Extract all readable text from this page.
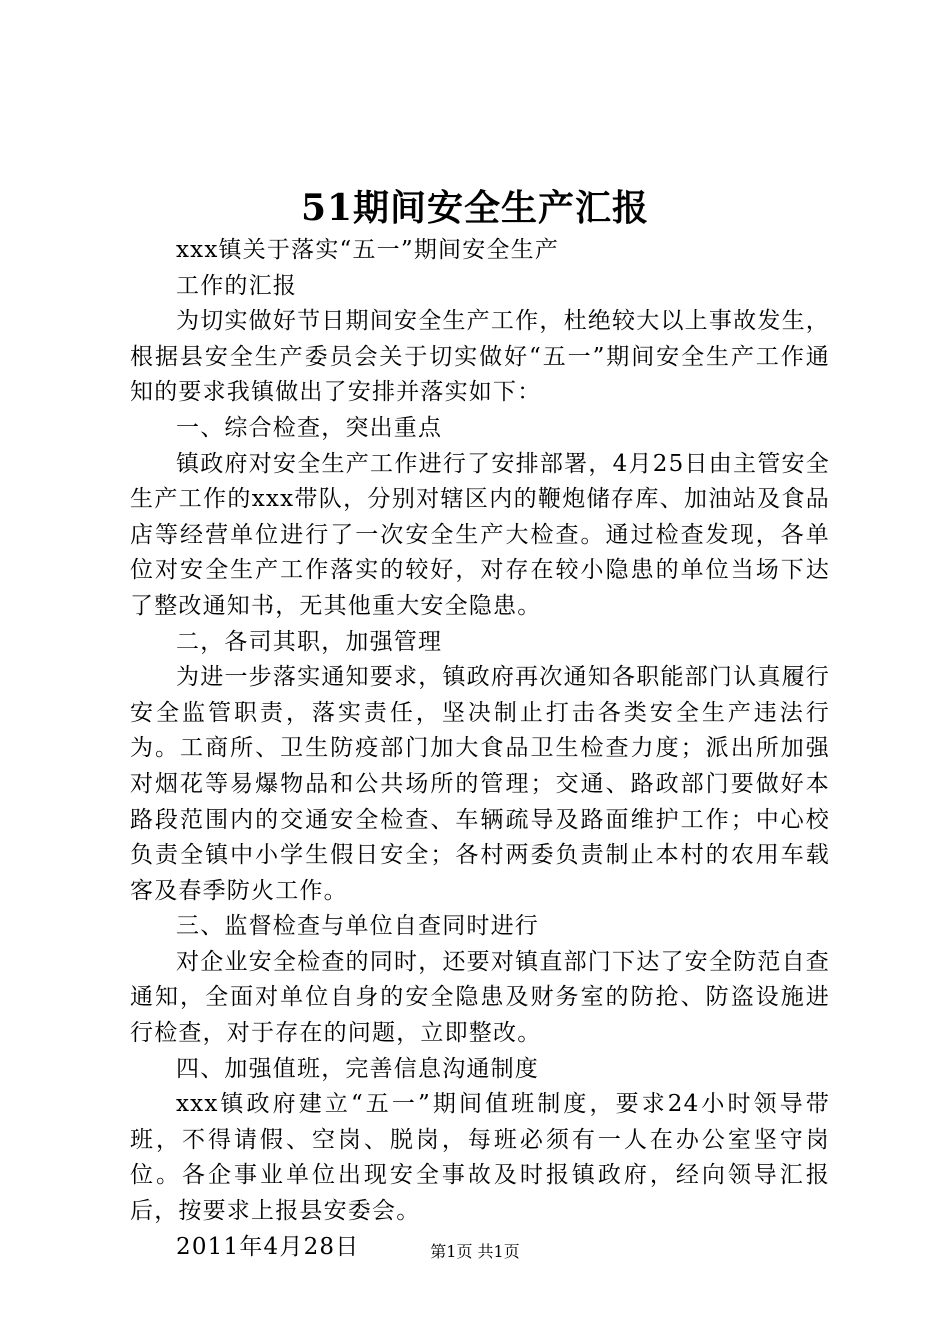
51期间安全生产汇报

xxx镇关于落实“五一”期间安全生产

工作的汇报

为切实做好节日期间安全生产工作，杜绝较大以上事故发生，根据县安全生产委员会关于切实做好“五一”期间安全生产工作通知的要求我镇做出了安排并落实如下：

一、综合检查，突出重点

镇政府对安全生产工作进行了安排部署，4月25日由主管安全生产工作的xxx带队，分别对辖区内的鞭炮储存库、加油站及食品店等经营单位进行了一次安全生产大检查。通过检查发现，各单位对安全生产工作落实的较好，对存在较小隐患的单位当场下达了整改通知书，无其他重大安全隐患。

二，各司其职，加强管理

为进一步落实通知要求，镇政府再次通知各职能部门认真履行安全监管职责，落实责任，坚决制止打击各类安全生产违法行为。工商所、卫生防疫部门加大食品卫生检查力度；派出所加强对烟花等易爆物品和公共场所的管理；交通、路政部门要做好本路段范围内的交通安全检查、车辆疏导及路面维护工作；中心校负责全镇中小学生假日安全；各村两委负责制止本村的农用车载客及春季防火工作。

三、监督检查与单位自查同时进行

对企业安全检查的同时，还要对镇直部门下达了安全防范自查通知，全面对单位自身的安全隐患及财务室的防抢、防盗设施进行检查，对于存在的问题，立即整改。

四、加强值班，完善信息沟通制度

xxx镇政府建立“五一”期间值班制度，要求24小时领导带班，不得请假、空岗、脱岗，每班必须有一人在办公室坚守岗位。各企事业单位出现安全事故及时报镇政府，经向领导汇报后，按要求上报县安委会。

2011年4月28日	第1页 共1页
